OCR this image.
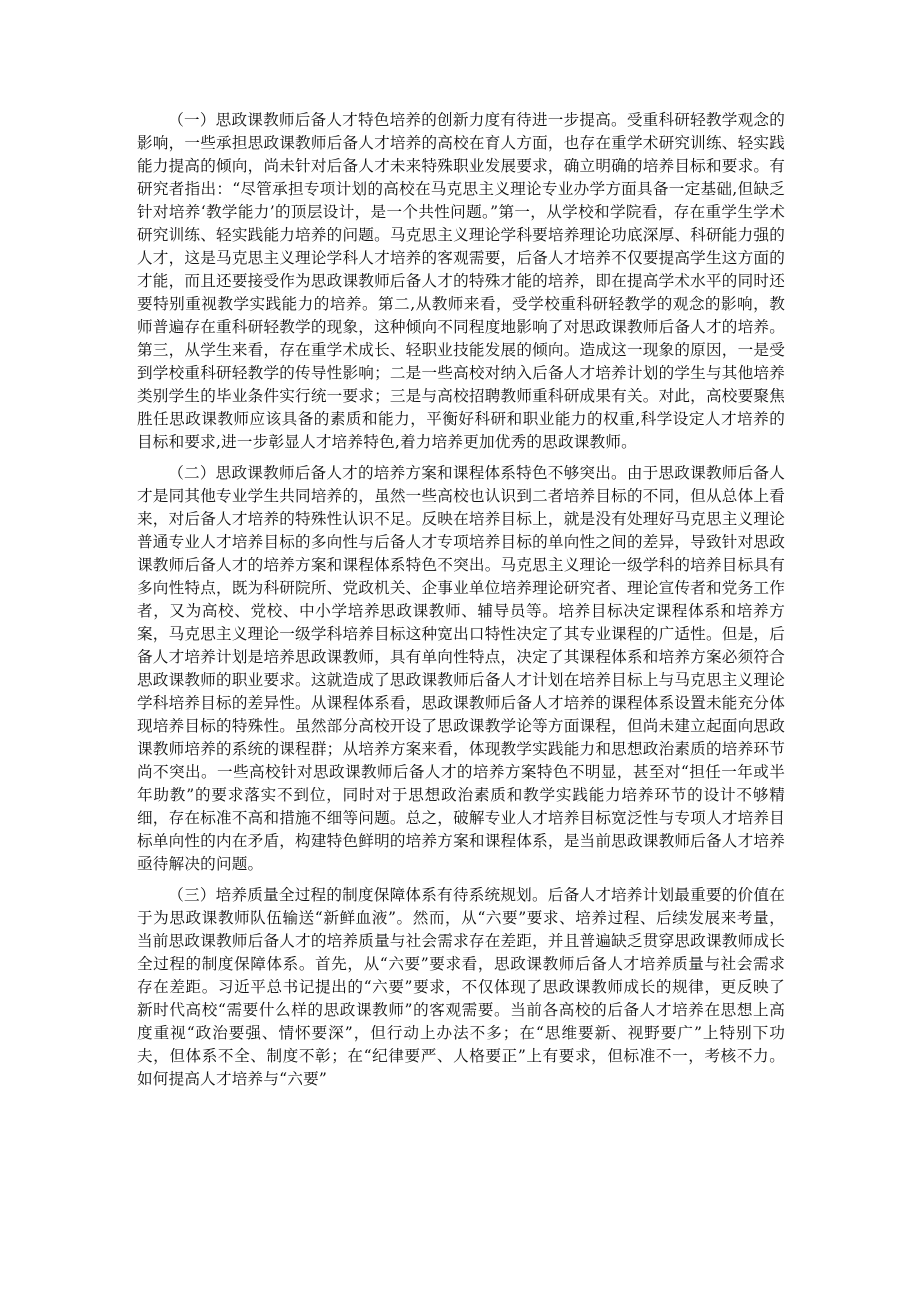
（一）思政课教师后备人才特色培养的创新力度有待进一步提高。受重科研轻教学观念的影响，一些承担思政课教师后备人才培养的高校在育人方面，也存在重学术研究训练、轻实践能力提高的倾向，尚未针对后备人才未来特殊职业发展要求，确立明确的培养目标和要求。有研究者指出：“尽管承担专项计划的高校在马克思主义理论专业办学方面具备一定基础,但缺乏针对培养‘教学能力’的顶层设计，是一个共性问题。”第一，从学校和学院看，存在重学生学术研究训练、轻实践能力培养的问题。马克思主义理论学科要培养理论功底深厚、科研能力强的人才，这是马克思主义理论学科人才培养的客观需要，后备人才培养不仅要提高学生这方面的才能，而且还要接受作为思政课教师后备人才的特殊才能的培养，即在提高学术水平的同时还要特别重视教学实践能力的培养。第二,从教师来看，受学校重科研轻教学的观念的影响，教师普遍存在重科研轻教学的现象，这种倾向不同程度地影响了对思政课教师后备人才的培养。第三，从学生来看，存在重学术成长、轻职业技能发展的倾向。造成这一现象的原因，一是受到学校重科研轻教学的传导性影响；二是一些高校对纳入后备人才培养计划的学生与其他培养类别学生的毕业条件实行统一要求；三是与高校招聘教师重科研成果有关。对此，高校要聚焦胜任思政课教师应该具备的素质和能力，平衡好科研和职业能力的权重,科学设定人才培养的目标和要求,进一步彰显人才培养特色,着力培养更加优秀的思政课教师。

（二）思政课教师后备人才的培养方案和课程体系特色不够突出。由于思政课教师后备人才是同其他专业学生共同培养的，虽然一些高校也认识到二者培养目标的不同，但从总体上看来，对后备人才培养的特殊性认识不足。反映在培养目标上，就是没有处理好马克思主义理论普通专业人才培养目标的多向性与后备人才专项培养目标的单向性之间的差异，导致针对思政课教师后备人才的培养方案和课程体系特色不突出。马克思主义理论一级学科的培养目标具有多向性特点，既为科研院所、党政机关、企事业单位培养理论研究者、理论宣传者和党务工作者，又为高校、党校、中小学培养思政课教师、辅导员等。培养目标决定课程体系和培养方案，马克思主义理论一级学科培养目标这种宽出口特性决定了其专业课程的广适性。但是，后备人才培养计划是培养思政课教师，具有单向性特点，决定了其课程体系和培养方案必须符合思政课教师的职业要求。这就造成了思政课教师后备人才计划在培养目标上与马克思主义理论学科培养目标的差异性。从课程体系看，思政课教师后备人才培养的课程体系设置未能充分体现培养目标的特殊性。虽然部分高校开设了思政课教学论等方面课程，但尚未建立起面向思政课教师培养的系统的课程群；从培养方案来看，体现教学实践能力和思想政治素质的培养环节尚不突出。一些高校针对思政课教师后备人才的培养方案特色不明显，甚至对“担任一年或半年助教”的要求落实不到位，同时对于思想政治素质和教学实践能力培养环节的设计不够精细，存在标准不高和措施不细等问题。总之，破解专业人才培养目标宽泛性与专项人才培养目标单向性的内在矛盾，构建特色鲜明的培养方案和课程体系，是当前思政课教师后备人才培养亟待解决的问题。

（三）培养质量全过程的制度保障体系有待系统规划。后备人才培养计划最重要的价值在于为思政课教师队伍输送“新鲜血液”。然而，从“六要”要求、培养过程、后续发展来考量，当前思政课教师后备人才的培养质量与社会需求存在差距，并且普遍缺乏贯穿思政课教师成长全过程的制度保障体系。首先，从“六要”要求看，思政课教师后备人才培养质量与社会需求存在差距。习近平总书记提出的“六要”要求，不仅体现了思政课教师成长的规律，更反映了新时代高校“需要什么样的思政课教师”的客观需要。当前各高校的后备人才培养在思想上高度重视“政治要强、情怀要深”，但行动上办法不多；在“思维要新、视野要广”上特别下功夫，但体系不全、制度不彰；在“纪律要严、人格要正”上有要求，但标准不一，考核不力。如何提高人才培养与“六要”
